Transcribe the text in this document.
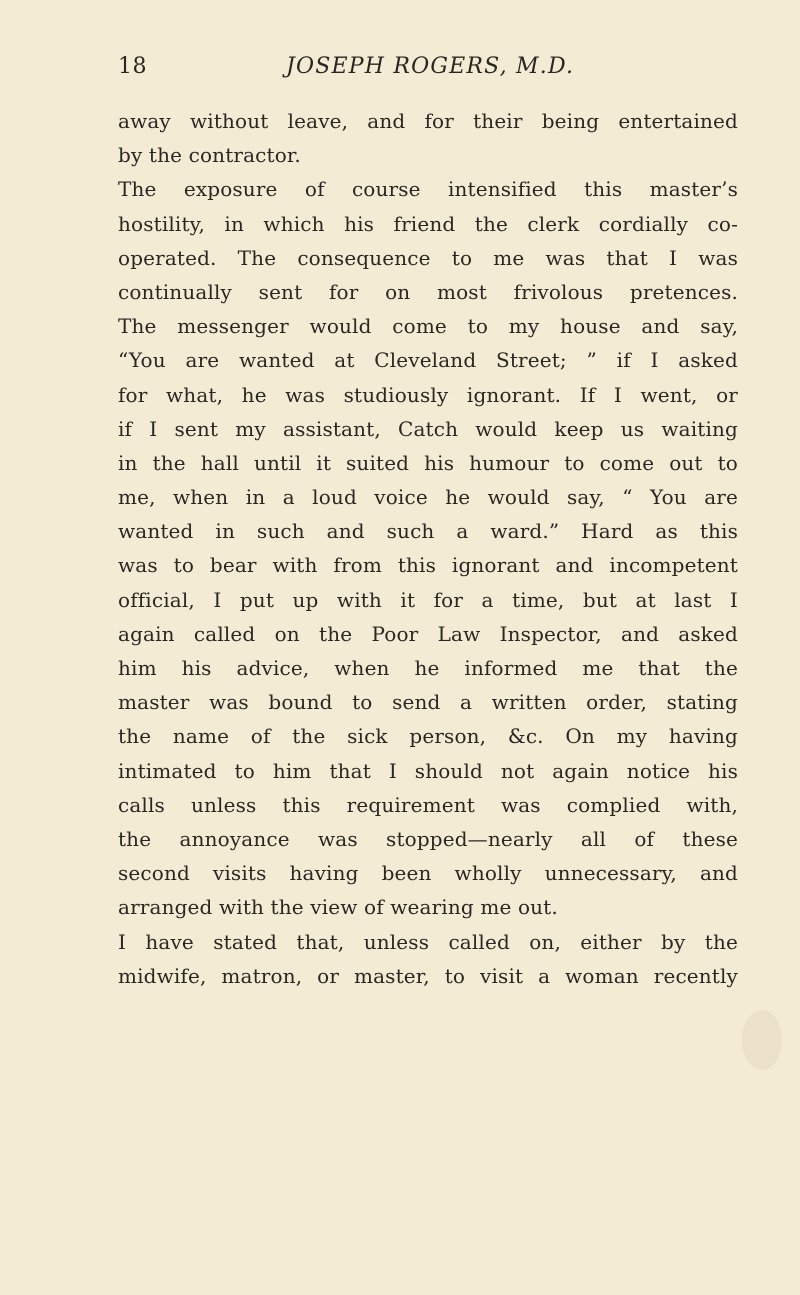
18	JOSEPH ROGERS, M.D.
away without leave, and for their being entertained
by the contractor.
The exposure of course intensified this master’s
hostility, in which his friend the clerk cordially co-
operated. The consequence to me was that I was
continually sent for on most frivolous pretences.
The messenger would come to my house and say,
“You are wanted at Cleveland Street; ” if I asked
for what, he was studiously ignorant. If I went, or
if I sent my assistant, Catch would keep us waiting
in the hall until it suited his humour to come out to
me, when in a loud voice he would say, “ You are
wanted in such and such a ward.” Hard as this
was to bear with from this ignorant and incompetent
official, I put up with it for a time, but at last I
again called on the Poor Law Inspector, and asked
him his advice, when he informed me that the
master was bound to send a written order, stating
the name of the sick person, &c. On my having
intimated to him that I should not again notice his
calls unless this requirement was complied with,
the annoyance was stopped—nearly all of these
second visits having been wholly unnecessary, and
arranged with the view of wearing me out.
I have stated that, unless called on, either by the
midwife, matron, or master, to visit a woman recently
